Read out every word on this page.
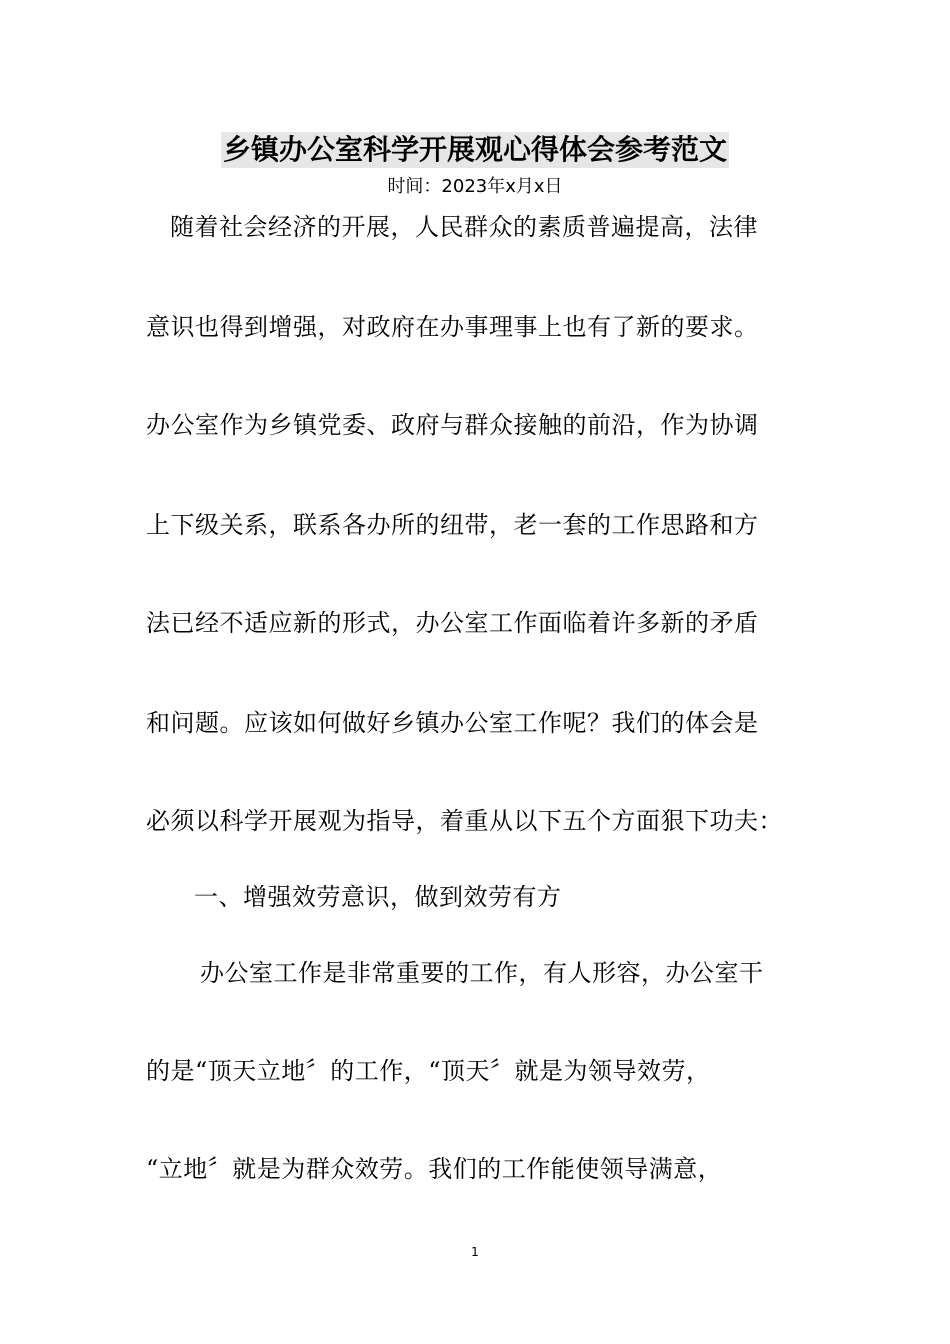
乡镇办公室科学开展观心得体会参考范文
时间：2023年x月x日
随着社会经济的开展，人民群众的素质普遍提高，法律
意识也得到增强，对政府在办事理事上也有了新的要求。
办公室作为乡镇党委、政府与群众接触的前沿，作为协调
上下级关系，联系各办所的纽带，老一套的工作思路和方
法已经不适应新的形式，办公室工作面临着许多新的矛盾
和问题。应该如何做好乡镇办公室工作呢？我们的体会是
必须以科学开展观为指导，着重从以下五个方面狠下功夫：
一、增强效劳意识，做到效劳有方
办公室工作是非常重要的工作，有人形容，办公室干
的是“顶天立地〞的工作，“顶天〞就是为领导效劳，
“立地〞就是为群众效劳。我们的工作能使领导满意，
1
